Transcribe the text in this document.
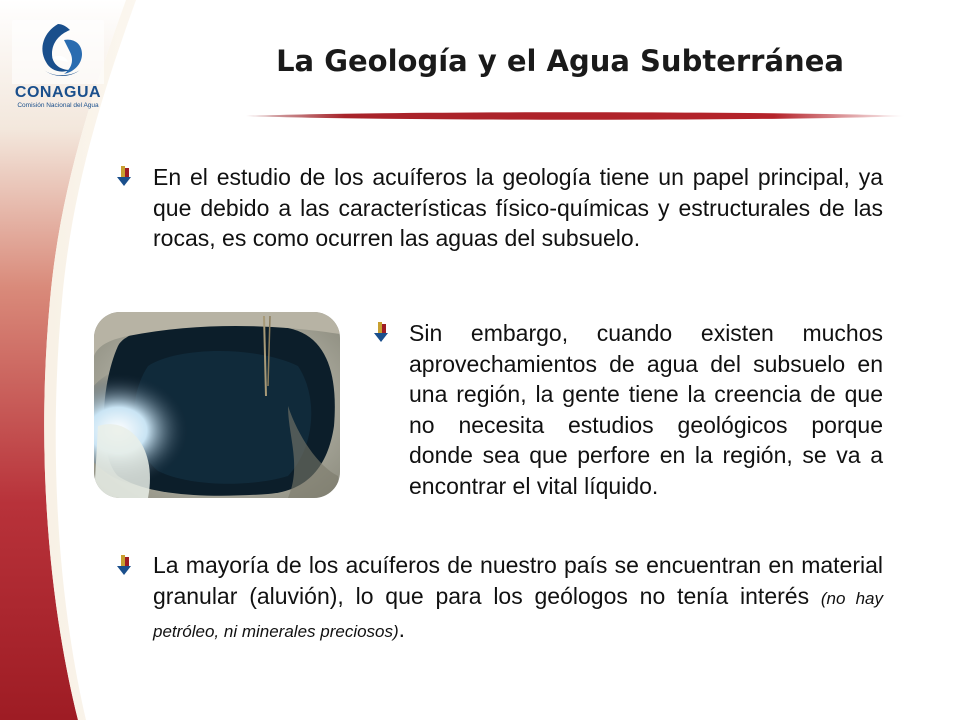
CONAGUA
Comisión Nacional del Agua
La Geología y el Agua Subterránea

En el estudio de los acuíferos la geología tiene un papel principal, ya que debido a las características físico-químicas y estructurales de las rocas, es como ocurren las aguas del subsuelo.

Sin embargo, cuando existen muchos aprovechamientos de agua del subsuelo en una región, la gente tiene la creencia de que no necesita estudios geológicos porque donde sea que perfore en la región, se va a encontrar el vital líquido.

La mayoría de los acuíferos de nuestro país se encuentran en material granular (aluvión), lo que para los geólogos no tenía interés (no hay petróleo, ni minerales preciosos).
